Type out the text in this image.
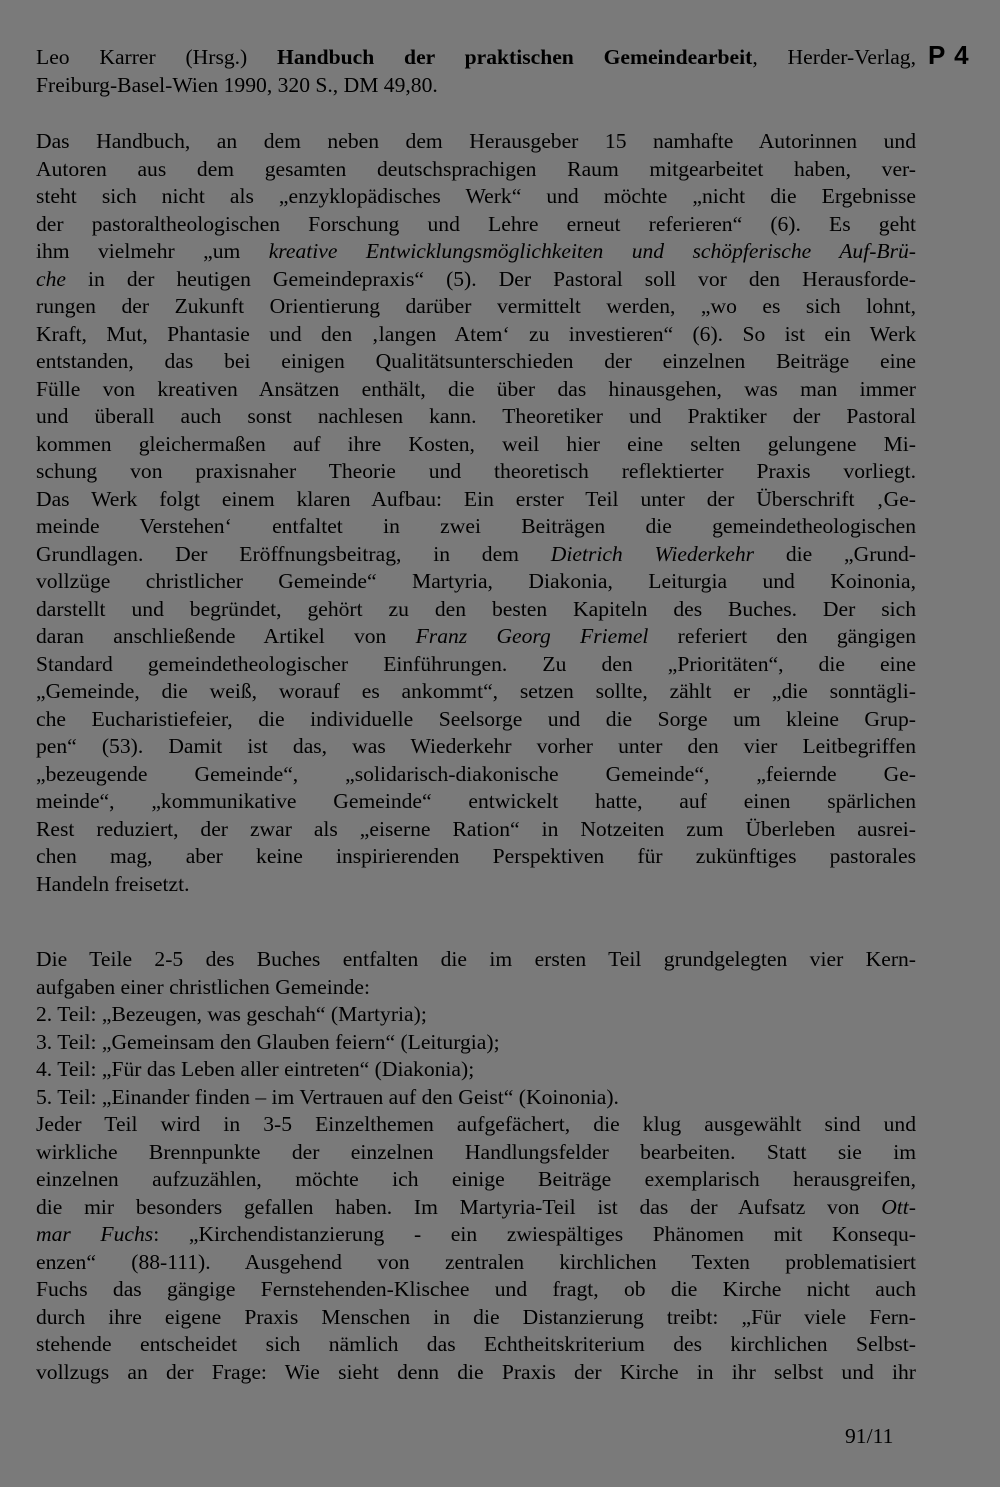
P 4
Leo Karrer (Hrsg.) Handbuch der praktischen Gemeindearbeit, Herder-Verlag,
Freiburg-Basel-Wien 1990, 320 S., DM 49,80.
Das Handbuch, an dem neben dem Herausgeber 15 namhafte Autorinnen und
Autoren aus dem gesamten deutschsprachigen Raum mitgearbeitet haben, ver-
steht sich nicht als „enzyklopädisches Werk“ und möchte „nicht die Ergebnisse
der pastoraltheologischen Forschung und Lehre erneut referieren“ (6). Es geht
ihm vielmehr „um kreative Entwicklungsmöglichkeiten und schöpferische Auf-Brü-
che in der heutigen Gemeindepraxis“ (5). Der Pastoral soll vor den Herausforde-
rungen der Zukunft Orientierung darüber vermittelt werden, „wo es sich lohnt,
Kraft, Mut, Phantasie und den ‚langen Atem‘ zu investieren“ (6). So ist ein Werk
entstanden, das bei einigen Qualitätsunterschieden der einzelnen Beiträge eine
Fülle von kreativen Ansätzen enthält, die über das hinausgehen, was man immer
und überall auch sonst nachlesen kann. Theoretiker und Praktiker der Pastoral
kommen gleichermaßen auf ihre Kosten, weil hier eine selten gelungene Mi-
schung von praxisnaher Theorie und theoretisch reflektierter Praxis vorliegt.
Das Werk folgt einem klaren Aufbau: Ein erster Teil unter der Überschrift ‚Ge-
meinde Verstehen‘ entfaltet in zwei Beiträgen die gemeindetheologischen
Grundlagen. Der Eröffnungsbeitrag, in dem Dietrich Wiederkehr die „Grund-
vollzüge christlicher Gemeinde“ Martyria, Diakonia, Leiturgia und Koinonia,
darstellt und begründet, gehört zu den besten Kapiteln des Buches. Der sich
daran anschließende Artikel von Franz Georg Friemel referiert den gängigen
Standard gemeindetheologischer Einführungen. Zu den „Prioritäten“, die eine
„Gemeinde, die weiß, worauf es ankommt“, setzen sollte, zählt er „die sonntägli-
che Eucharistiefeier, die individuelle Seelsorge und die Sorge um kleine Grup-
pen“ (53). Damit ist das, was Wiederkehr vorher unter den vier Leitbegriffen
„bezeugende Gemeinde“, „solidarisch-diakonische Gemeinde“, „feiernde Ge-
meinde“, „kommunikative Gemeinde“ entwickelt hatte, auf einen spärlichen
Rest reduziert, der zwar als „eiserne Ration“ in Notzeiten zum Überleben ausrei-
chen mag, aber keine inspirierenden Perspektiven für zukünftiges pastorales
Handeln freisetzt.
Die Teile 2-5 des Buches entfalten die im ersten Teil grundgelegten vier Kern-
aufgaben einer christlichen Gemeinde:
2. Teil: „Bezeugen, was geschah“ (Martyria);
3. Teil: „Gemeinsam den Glauben feiern“ (Leiturgia);
4. Teil: „Für das Leben aller eintreten“ (Diakonia);
5. Teil: „Einander finden – im Vertrauen auf den Geist“ (Koinonia).
Jeder Teil wird in 3-5 Einzelthemen aufgefächert, die klug ausgewählt sind und
wirkliche Brennpunkte der einzelnen Handlungsfelder bearbeiten. Statt sie im
einzelnen aufzuzählen, möchte ich einige Beiträge exemplarisch herausgreifen,
die mir besonders gefallen haben. Im Martyria-Teil ist das der Aufsatz von Ott-
mar Fuchs: „Kirchendistanzierung - ein zwiespältiges Phänomen mit Konsequ-
enzen“ (88-111). Ausgehend von zentralen kirchlichen Texten problematisiert
Fuchs das gängige Fernstehenden-Klischee und fragt, ob die Kirche nicht auch
durch ihre eigene Praxis Menschen in die Distanzierung treibt: „Für viele Fern-
stehende entscheidet sich nämlich das Echtheitskriterium des kirchlichen Selbst-
vollzugs an der Frage: Wie sieht denn die Praxis der Kirche in ihr selbst und ihr
91/11
